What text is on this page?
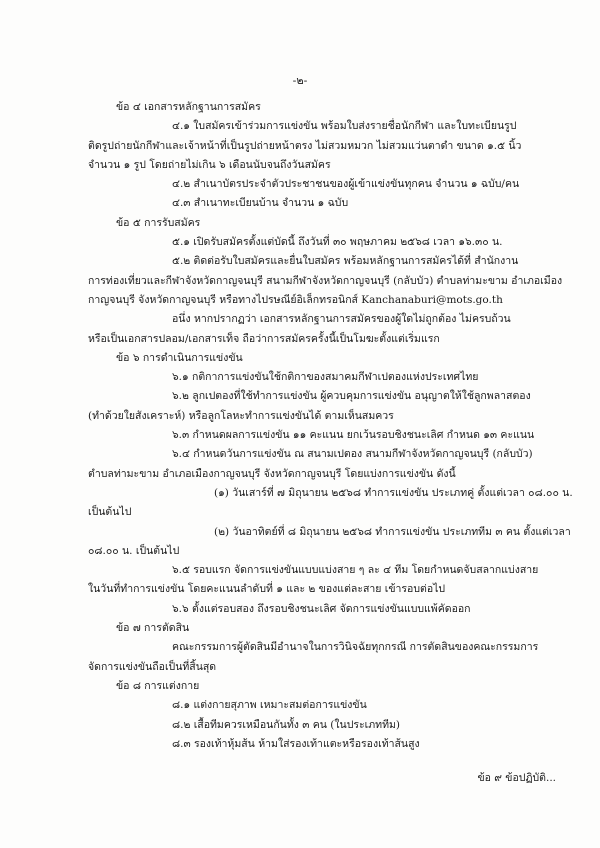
-๒-
ข้อ ๔ เอกสารหลักฐานการสมัคร
๔.๑ ใบสมัครเข้าร่วมการแข่งขัน พร้อมใบส่งรายชื่อนักกีฬา และใบทะเบียนรูป
ติดรูปถ่ายนักกีฬาและเจ้าหน้าที่เป็นรูปถ่ายหน้าตรง ไม่สวมหมวก ไม่สวมแว่นตาดำ ขนาด ๑.๕ นิ้ว
จำนวน ๑ รูป โดยถ่ายไม่เกิน ๖ เดือนนับจนถึงวันสมัคร
๔.๒ สำเนาบัตรประจำตัวประชาชนของผู้เข้าแข่งขันทุกคน จำนวน ๑ ฉบับ/คน
๔.๓ สำเนาทะเบียนบ้าน จำนวน ๑ ฉบับ
ข้อ ๕ การรับสมัคร
๕.๑ เปิดรับสมัครตั้งแต่บัดนี้ ถึงวันที่ ๓๐ พฤษภาคม ๒๕๖๘ เวลา ๑๖.๓๐ น.
๕.๒ ติดต่อรับใบสมัครและยื่นใบสมัคร พร้อมหลักฐานการสมัครได้ที่ สำนักงาน
การท่องเที่ยวและกีฬาจังหวัดกาญจนบุรี สนามกีฬาจังหวัดกาญจนบุรี (กลับบัว) ตำบลท่ามะขาม อำเภอเมือง
กาญจนบุรี จังหวัดกาญจนบุรี หรือทางไปรษณีย์อิเล็กทรอนิกส์ Kanchanaburi@mots.go.th
อนึ่ง หากปรากฏว่า เอกสารหลักฐานการสมัครของผู้ใดไม่ถูกต้อง ไม่ครบถ้วน
หรือเป็นเอกสารปลอม/เอกสารเท็จ ถือว่าการสมัครครั้งนี้เป็นโมฆะตั้งแต่เริ่มแรก
ข้อ ๖ การดำเนินการแข่งขัน
๖.๑ กติกาการแข่งขันใช้กติกาของสมาคมกีฬาเปตองแห่งประเทศไทย
๖.๒ ลูกเปตองที่ใช้ทำการแข่งขัน ผู้ควบคุมการแข่งขัน อนุญาตให้ใช้ลูกพลาสตอง
(ทำด้วยใยสังเคราะห์) หรือลูกโลหะทำการแข่งขันได้ ตามเห็นสมควร
๖.๓ กำหนดผลการแข่งขัน ๑๑ คะแนน ยกเว้นรอบชิงชนะเลิศ กำหนด ๑๓ คะแนน
๖.๔ กำหนดวันการแข่งขัน ณ สนามเปตอง สนามกีฬาจังหวัดกาญจนบุรี (กลับบัว)
ตำบลท่ามะขาม อำเภอเมืองกาญจนบุรี จังหวัดกาญจนบุรี โดยแบ่งการแข่งขัน ดังนี้
(๑) วันเสาร์ที่ ๗ มิถุนายน ๒๕๖๘ ทำการแข่งขัน ประเภทคู่ ตั้งแต่เวลา ๐๘.๐๐ น.
เป็นต้นไป
(๒) วันอาทิตย์ที่ ๘ มิถุนายน ๒๕๖๘ ทำการแข่งขัน ประเภททีม ๓ คน ตั้งแต่เวลา
๐๘.๐๐ น. เป็นต้นไป
๖.๕ รอบแรก จัดการแข่งขันแบบแบ่งสาย ๆ ละ ๔ ทีม โดยกำหนดจับสลากแบ่งสาย
ในวันที่ทำการแข่งขัน โดยคะแนนลำดับที่ ๑ และ ๒ ของแต่ละสาย เข้ารอบต่อไป
๖.๖ ตั้งแต่รอบสอง ถึงรอบชิงชนะเลิศ จัดการแข่งขันแบบแพ้คัดออก
ข้อ ๗ การตัดสิน
คณะกรรมการผู้ตัดสินมีอำนาจในการวินิจฉัยทุกกรณี การตัดสินของคณะกรรมการ
จัดการแข่งขันถือเป็นที่สิ้นสุด
ข้อ ๘ การแต่งกาย
๘.๑ แต่งกายสุภาพ เหมาะสมต่อการแข่งขัน
๘.๒ เสื้อทีมควรเหมือนกันทั้ง ๓ คน (ในประเภททีม)
๘.๓ รองเท้าหุ้มส้น ห้ามใส่รองเท้าแตะหรือรองเท้าส้นสูง
ข้อ ๙ ข้อปฏิบัติ...
